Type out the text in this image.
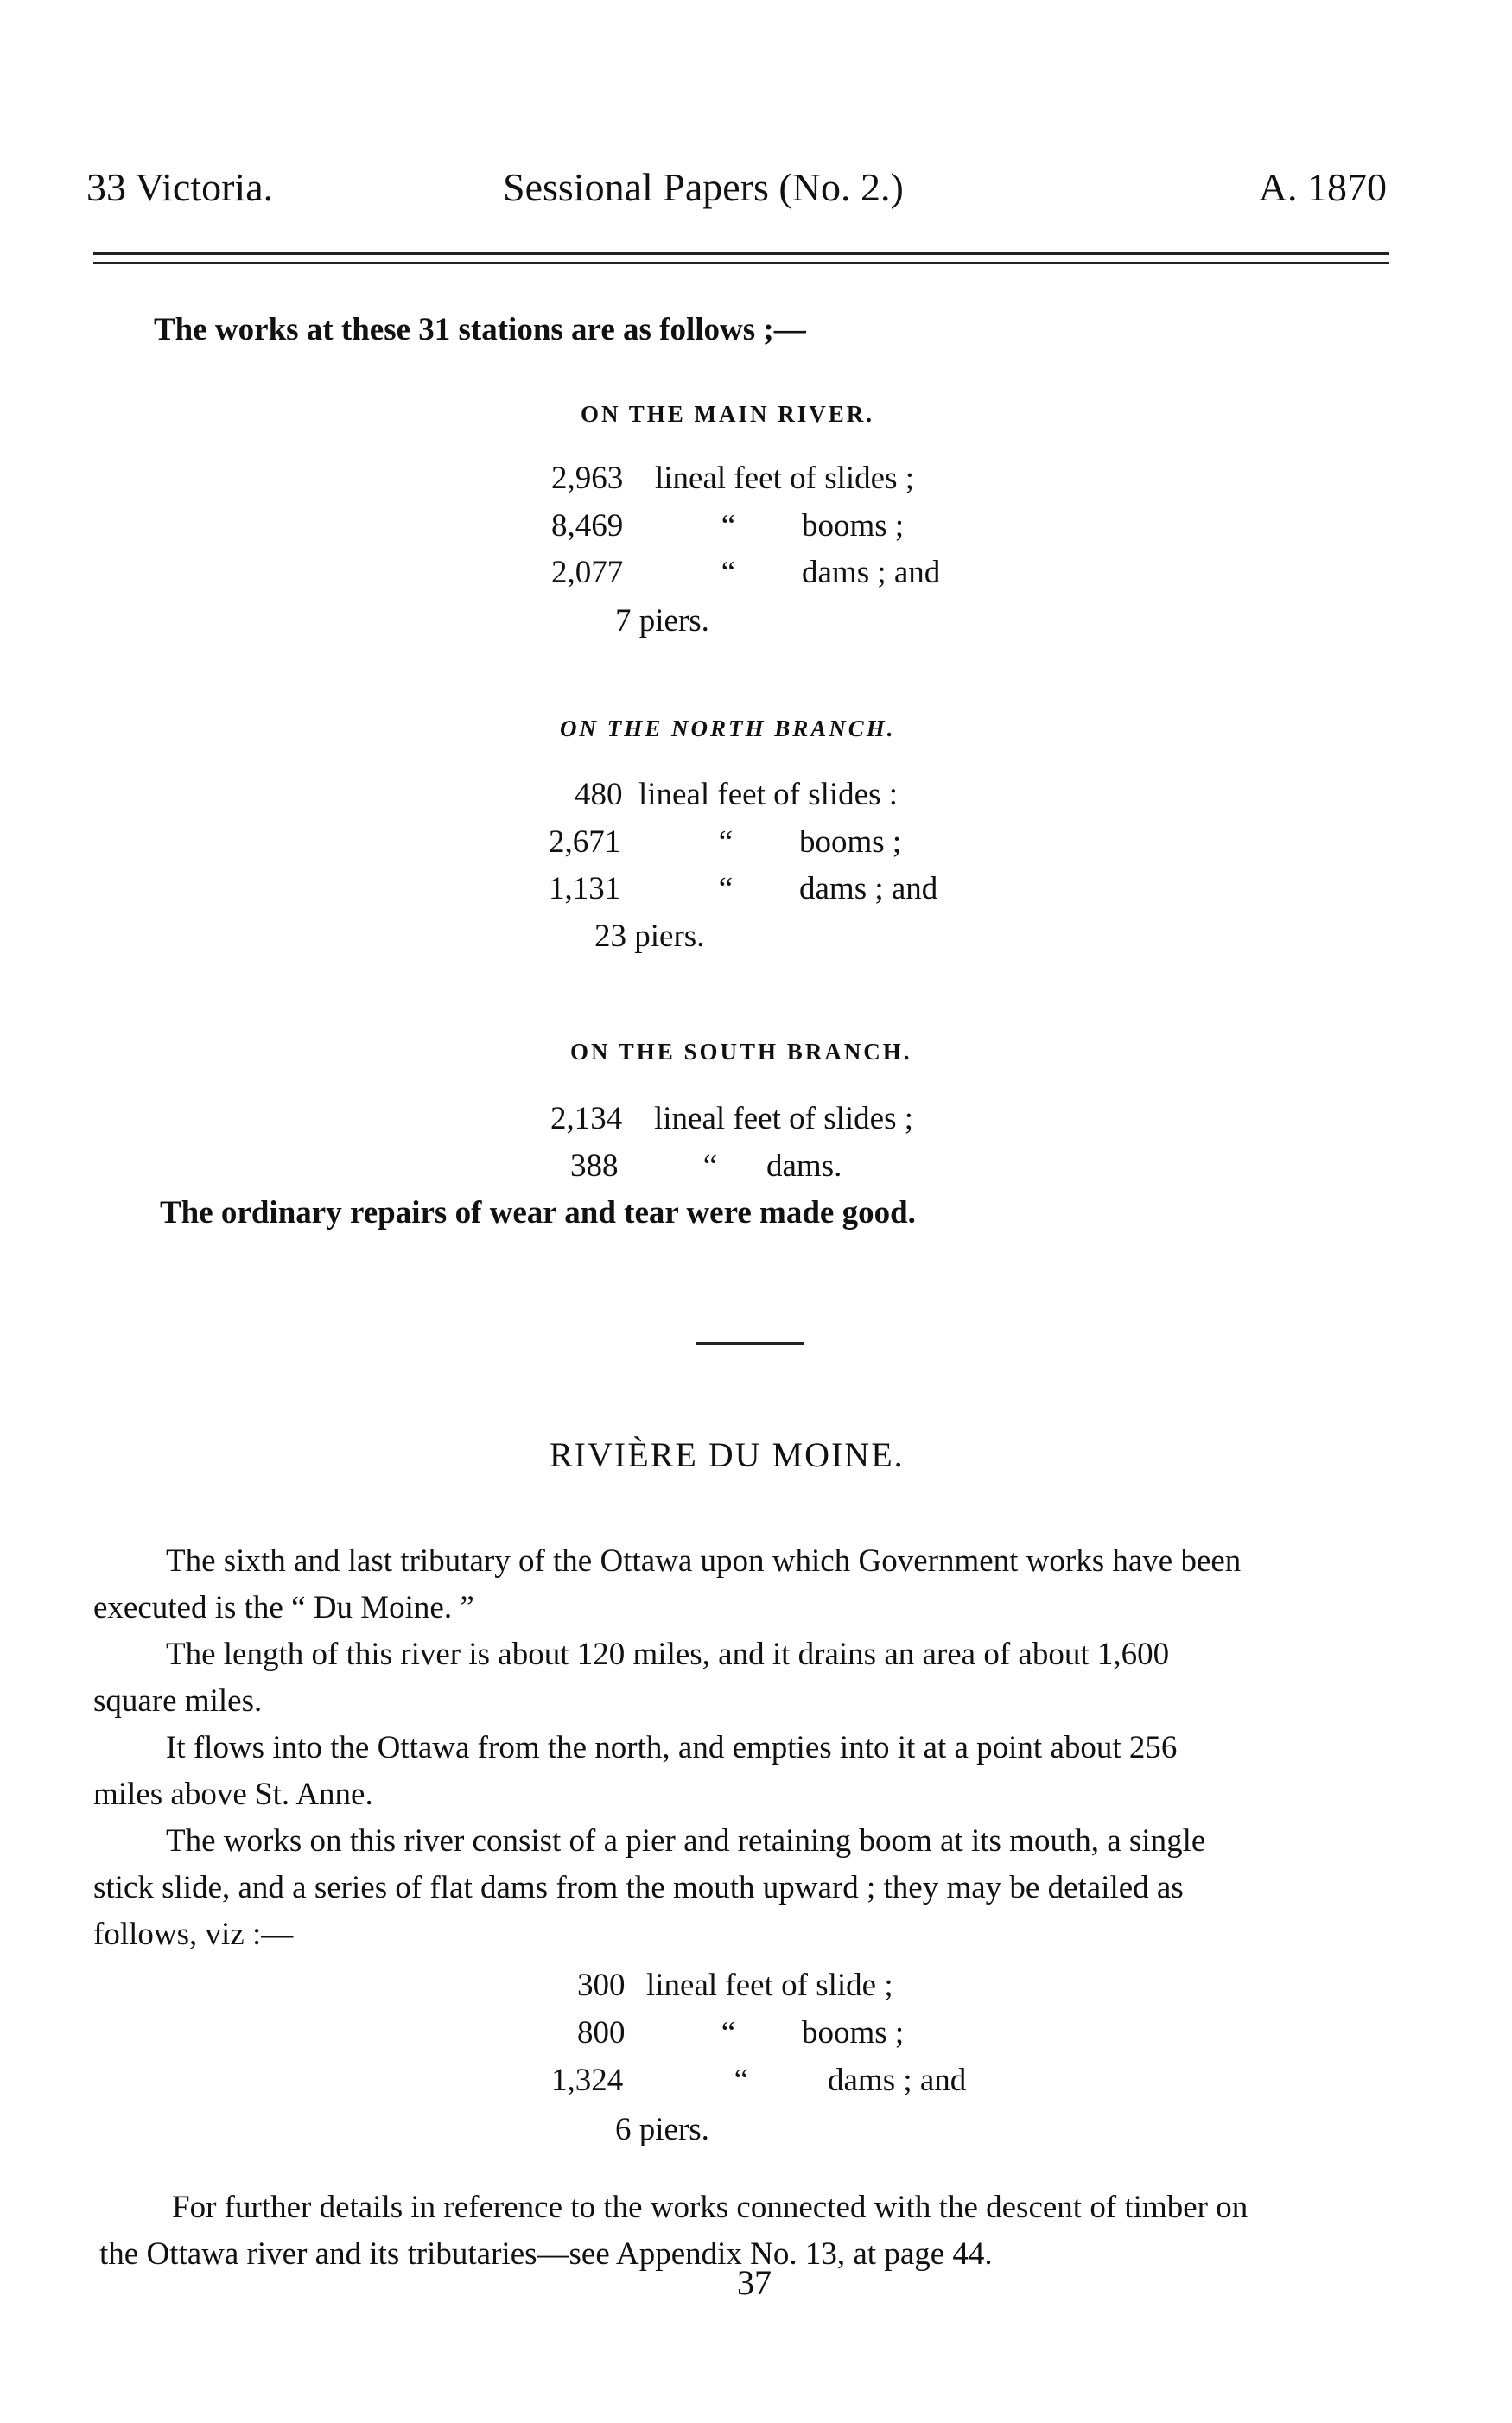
33 Victoria.	Sessional Papers (No. 2.)	A. 1870
The works at these 31 stations are as follows ;—
ON THE MAIN RIVER.
2,963 lineal feet of slides ;
8,469	“ booms ;
2,077	“ dams ; and
7 piers.
ON THE NORTH BRANCH.
480 lineal feet of slides :
2,671	“ booms ;
1,131	“ dams ; and
23 piers.
ON THE SOUTH BRANCH.
2,134 lineal feet of slides ;
388	“ dams.
The ordinary repairs of wear and tear were made good.
RIVIÈRE DU MOINE.
The sixth and last tributary of the Ottawa upon which Government works have been
executed is the “ Du Moine. ”
The length of this river is about 120 miles, and it drains an area of about 1,600
square miles.
It flows into the Ottawa from the north, and empties into it at a point about 256
miles above St. Anne.
The works on this river consist of a pier and retaining boom at its mouth, a single
stick slide, and a series of flat dams from the mouth upward ; they may be detailed as
follows, viz :—
300 lineal feet of slide ;
800	“ booms ;
1,324	“ dams ; and
6 piers.
For further details in reference to the works connected with the descent of timber on
the Ottawa river and its tributaries—see Appendix No. 13, at page 44.
37
